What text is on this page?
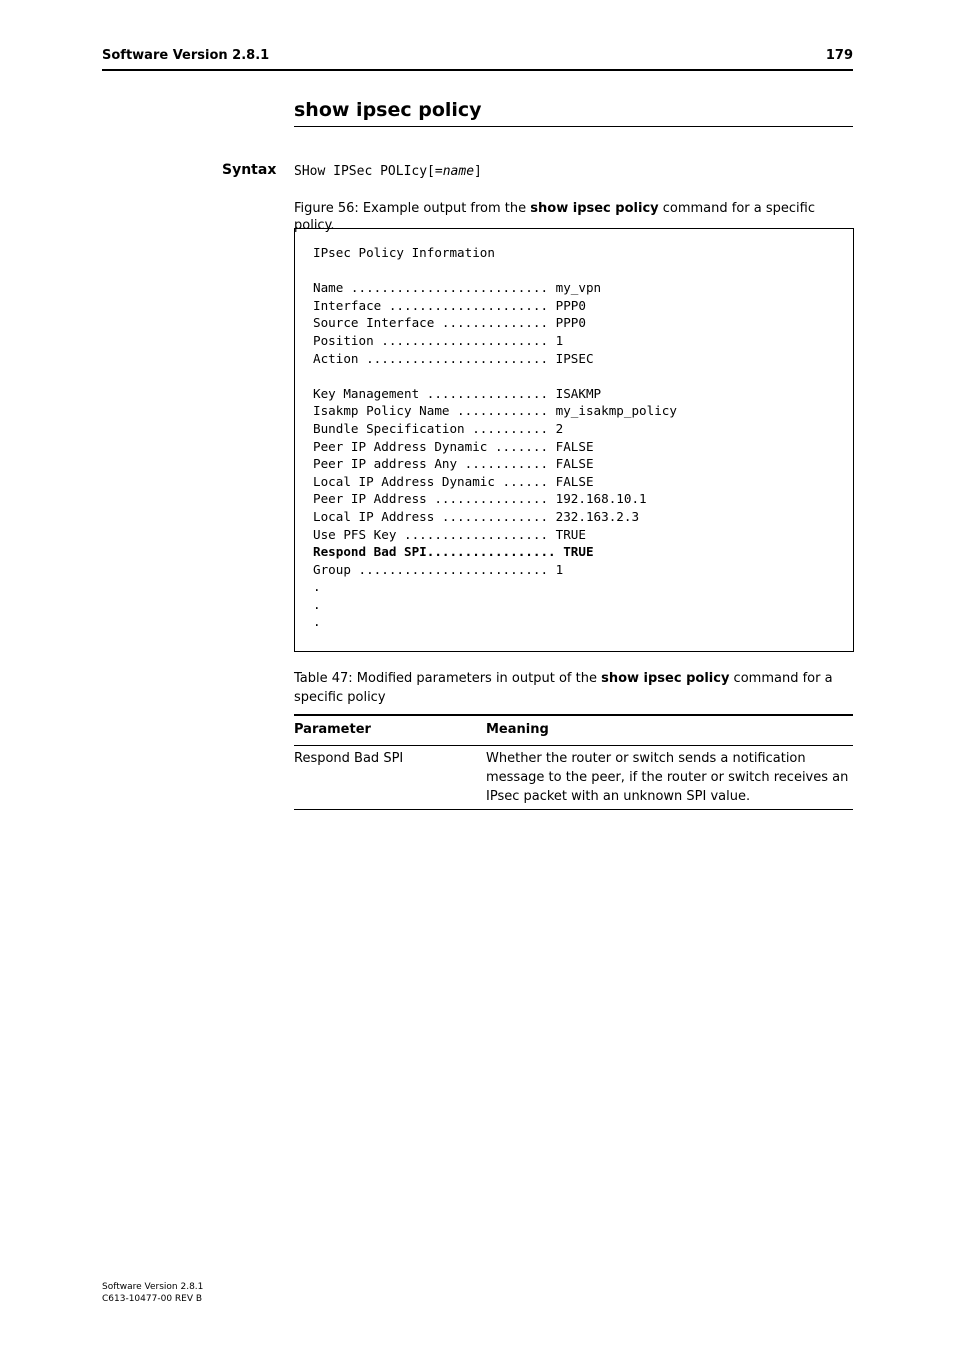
Software Version 2.8.1	179
show ipsec policy
Syntax SHow IPSec POLIcy[=name]
Figure 56: Example output from the show ipsec policy command for a specific policy.
IPsec Policy Information

Name .......................... my_vpn
Interface ..................... PPP0
Source Interface .............. PPP0
Position ...................... 1
Action ........................ IPSEC

Key Management ................ ISAKMP
Isakmp Policy Name ............ my_isakmp_policy
Bundle Specification .......... 2
Peer IP Address Dynamic ....... FALSE
Peer IP address Any ........... FALSE
Local IP Address Dynamic ...... FALSE
Peer IP Address ............... 192.168.10.1
Local IP Address .............. 232.163.2.3
Use PFS Key ................... TRUE
Respond Bad SPI................. TRUE
Group ......................... 1
.
.
.
Table 47: Modified parameters in output of the show ipsec policy command for a specific policy
Parameter	Meaning
Respond Bad SPI	Whether the router or switch sends a notification message to the peer, if the router or switch receives an IPsec packet with an unknown SPI value.
Software Version 2.8.1
C613-10477-00 REV B
